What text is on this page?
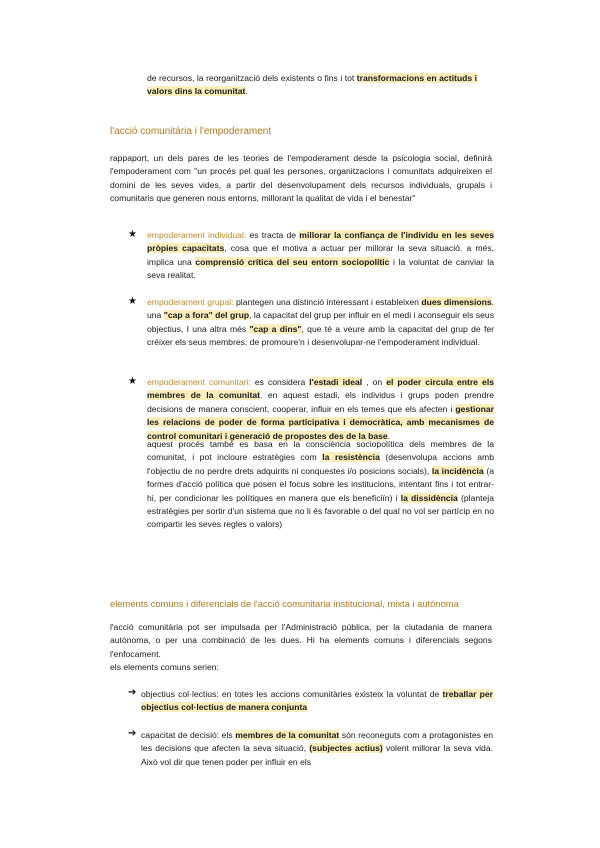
de recursos, la reorganització dels existents o fins i tot transformacions en actituds i valors dins la comunitat.
l'acció comunitària i l'empoderament
rappaport, un dels pares de les teories de l'empoderament desde la psicologia social, definirà l'empoderament com "un procés pel qual les persones, organitzacions i comunitats adquireixen el domini de les seves vides, a partir del desenvolupament dels recursos individuals, grupals i comunitaris que generen nous entorns, millorant la qualitat de vida i el benestar"
★ empoderament individual: es tracta de millorar la confiança de l'individu en les seves pròpies capacitats, cosa que el motiva a actuar per millorar la seva situació. a més, implica una comprensió crítica del seu entorn sociopolític i la voluntat de canviar la seva realitat.
★ empoderament grupal: plantegen una distinció interessant i estableixen dues dimensions. una "cap a fora" del grup, la capacitat del grup per influir en el medi i aconseguir els seus objectius, I una altra més "cap a dins", que té a veure amb la capacitat del grup de fer créixer els seus membres, de promoure'n i desenvolupar-ne l'empoderament individual.
★ empoderament comunitari: es considera l'estadi ideal , on el poder circula entre els membres de la comunitat. en aquest estadi, els individus i grups poden prendre decisions de manera conscient, cooperar, influir en els temes que els afecten i gestionar les relacions de poder de forma participativa i democràtica, amb mecanismes de control comunitari i generació de propostes des de la base.
aquest procés també es basa en la consciència sociopolítica dels membres de la comunitat, i pot incloure estratègies com la resistència (desenvolupa accions amb l'objectiu de no perdre drets adquirits ni conquestes i/o posicions socials), la incidència (a formes d'acció política que posen el focus sobre les institucions, intentant fins i tot entrar-hi, per condicionar les polítiques en manera que els beneficiïn) i la dissidència (planteja estratègies per sortir d'un sistema que no li és favorable o del qual no vol ser partícip en no compartir les seves regles o valors)
elements comuns i diferencials de l'acció comunitaria institucional, mixta i autònoma
l'acció comunitària pot ser impulsada per l'Administració pública, per la ciutadania de manera autònoma, o per una combinació de les dues. Hi ha elements comuns i diferencials segons l'enfocament.
els elements comuns serien:
➔ objectius col·lectius: en totes les accions comunitàries existeix la voluntat de treballar per objectius col·lectius de manera conjunta
➔ capacitat de decisió: els membres de la comunitat són reconeguts com a protagonistes en les decisions que afecten la seva situació, (subjectes actius) volent millorar la seva vida. Això vol dir que tenen poder per influir en els
